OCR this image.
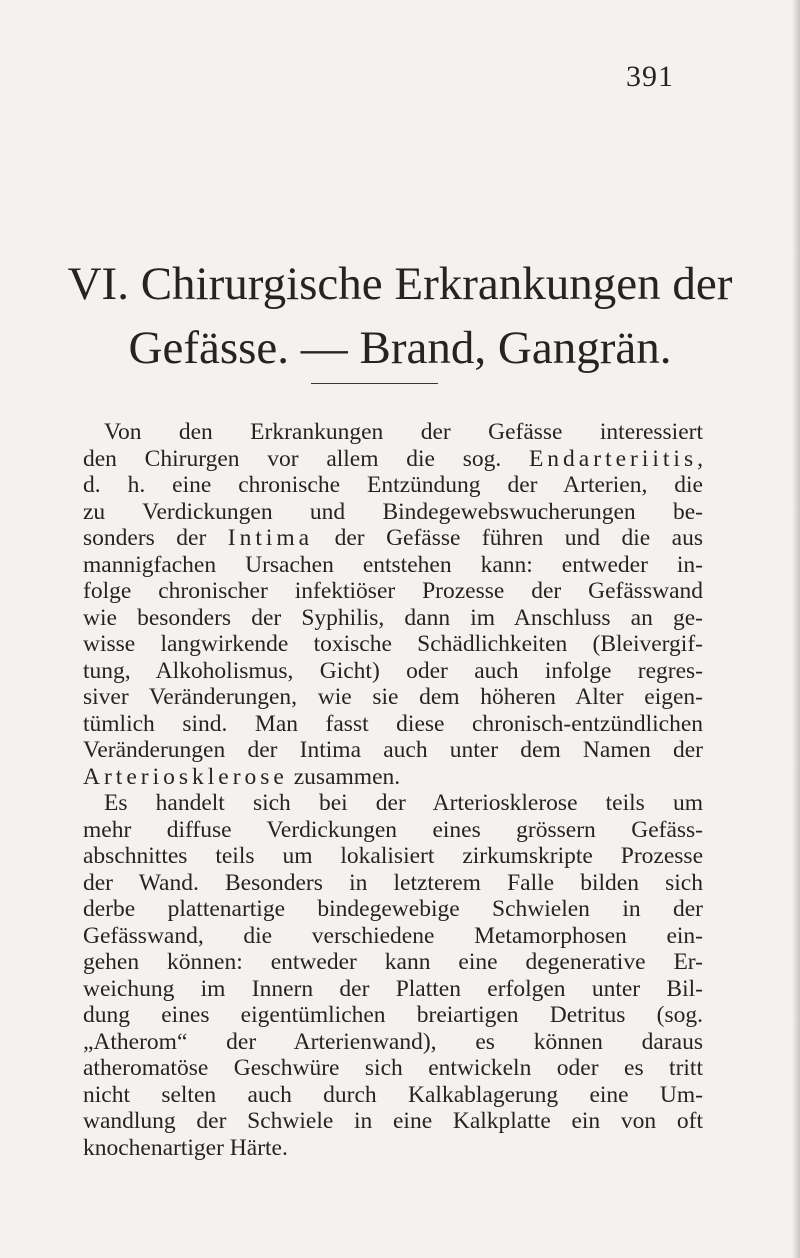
391
VI. Chirurgische Erkrankungen der
Gefässe. — Brand, Gangrän.
Von den Erkrankungen der Gefässe interessiert
den Chirurgen vor allem die sog. Endarteriitis,
d. h. eine chronische Entzündung der Arterien, die
zu Verdickungen und Bindegewebswucherungen be-
sonders der Intima der Gefässe führen und die aus
mannigfachen Ursachen entstehen kann: entweder in-
folge chronischer infektiöser Prozesse der Gefässwand
wie besonders der Syphilis, dann im Anschluss an ge-
wisse langwirkende toxische Schädlichkeiten (Bleivergif-
tung, Alkoholismus, Gicht) oder auch infolge regres-
siver Veränderungen, wie sie dem höheren Alter eigen-
tümlich sind. Man fasst diese chronisch-entzündlichen
Veränderungen der Intima auch unter dem Namen der
Arteriosklerose zusammen.
Es handelt sich bei der Arteriosklerose teils um
mehr diffuse Verdickungen eines grössern Gefäss-
abschnittes teils um lokalisiert zirkumskripte Prozesse
der Wand. Besonders in letzterem Falle bilden sich
derbe plattenartige bindegewebige Schwielen in der
Gefässwand, die verschiedene Metamorphosen ein-
gehen können: entweder kann eine degenerative Er-
weichung im Innern der Platten erfolgen unter Bil-
dung eines eigentümlichen breiartigen Detritus (sog.
„Atherom“ der Arterienwand), es können daraus
atheromatöse Geschwüre sich entwickeln oder es tritt
nicht selten auch durch Kalkablagerung eine Um-
wandlung der Schwiele in eine Kalkplatte ein von oft
knochenartiger Härte.
